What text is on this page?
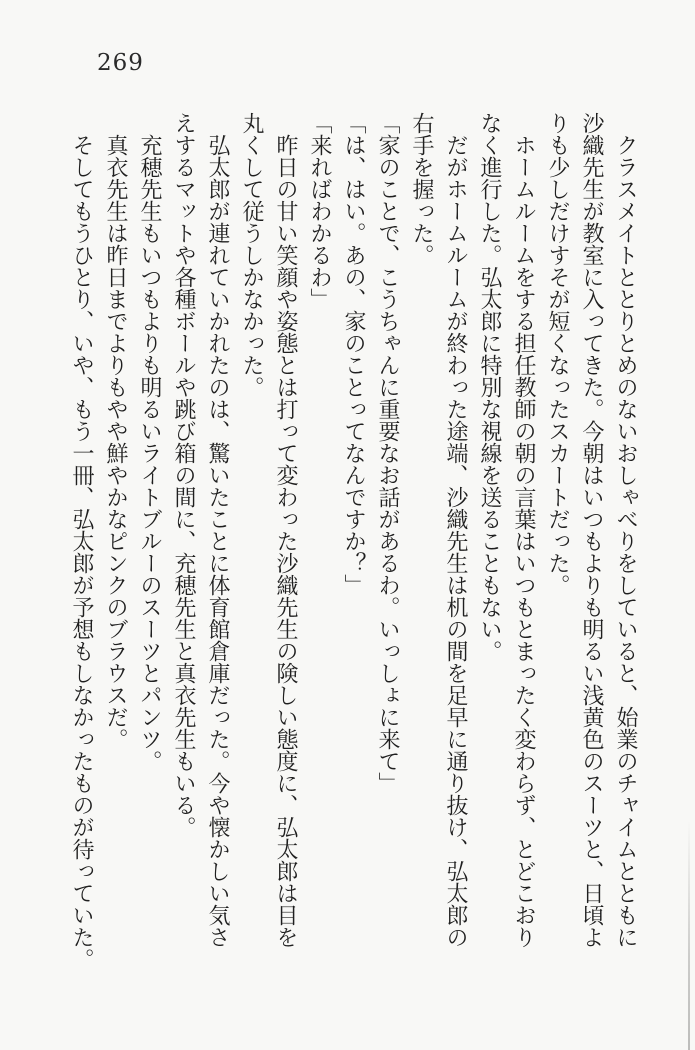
269
クラスメイトととりとめのないおしゃべりをしていると、始業のチャイムとともに
沙織先生が教室に入ってきた。今朝はいつもよりも明るい浅黄色のスーツと、日頃よ
りも少しだけすそが短くなったスカートだった。
ホームルームをする担任教師の朝の言葉はいつもとまったく変わらず、とどこおり
なく進行した。弘太郎に特別な視線を送ることもない。
だがホームルームが終わった途端、沙織先生は机の間を足早に通り抜け、弘太郎の
右手を握った。
「家のことで、こうちゃんに重要なお話があるわ。いっしょに来て」
「は、はい。あの、家のことってなんですか？」
「来ればわかるわ」
昨日の甘い笑顔や姿態とは打って変わった沙織先生の険しい態度に、弘太郎は目を
丸くして従うしかなかった。
弘太郎が連れていかれたのは、驚いたことに体育館倉庫だった。今や懐かしい気さ
えするマットや各種ボールや跳び箱の間に、充穂先生と真衣先生もいる。
充穂先生もいつもよりも明るいライトブルーのスーツとパンツ。
真衣先生は昨日までよりもやや鮮やかなピンクのブラウスだ。
そしてもうひとり、いや、もう一冊、弘太郎が予想もしなかったものが待っていた。
